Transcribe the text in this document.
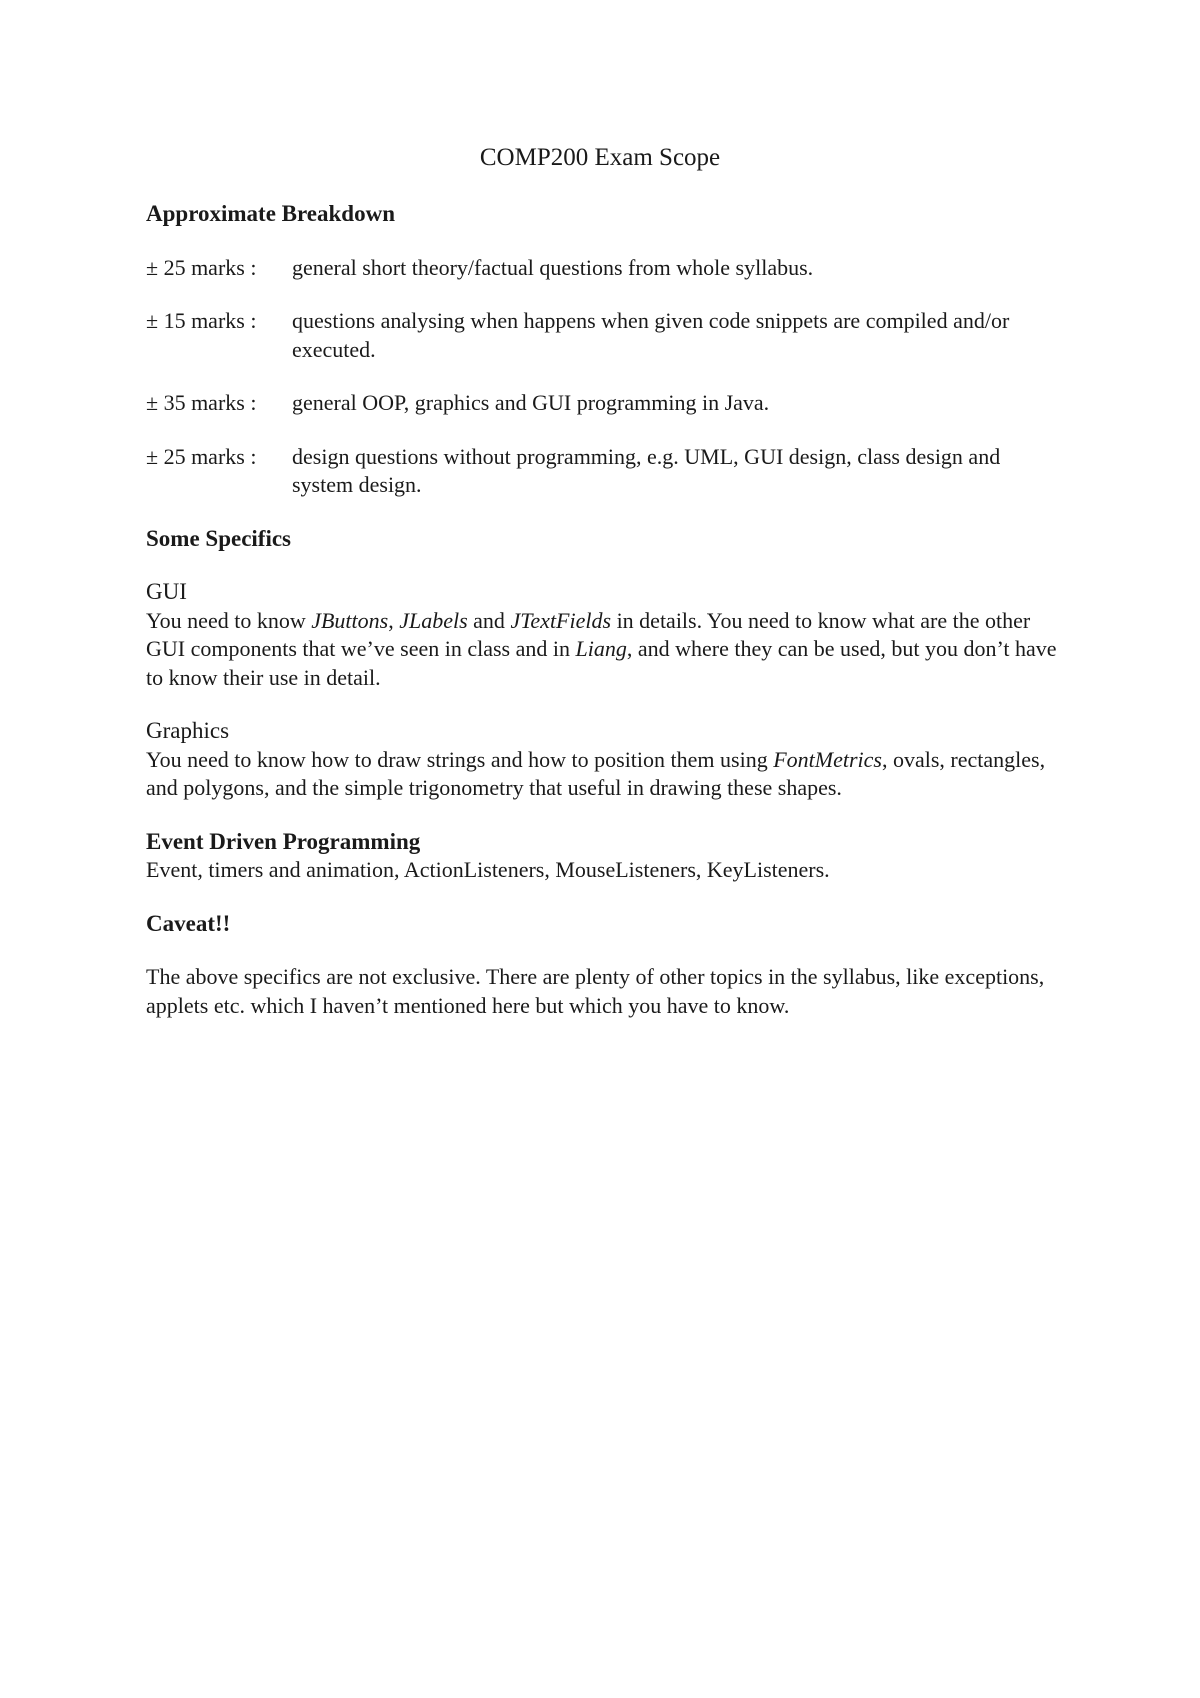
COMP200 Exam Scope
Approximate Breakdown
± 25 marks :	general short theory/factual questions from whole syllabus.
± 15 marks :	questions analysing when happens when given code snippets are compiled and/or executed.
± 35 marks :	general OOP, graphics and GUI programming in Java.
± 25 marks :	design questions without programming, e.g. UML, GUI design, class design and system design.
Some Specifics
GUI

You need to know JButtons, JLabels and JTextFields in details. You need to know what are the other GUI components that we’ve seen in class and in Liang, and where they can be used, but you don’t have to know their use in detail.

Graphics

You need to know how to draw strings and how to position them using FontMetrics, ovals, rectangles, and polygons, and the simple trigonometry that useful in drawing these shapes.

Event Driven Programming

Event, timers and animation, ActionListeners, MouseListeners, KeyListeners.

Caveat!!

The above specifics are not exclusive. There are plenty of other topics in the syllabus, like exceptions, applets etc. which I haven’t mentioned here but which you have to know.
